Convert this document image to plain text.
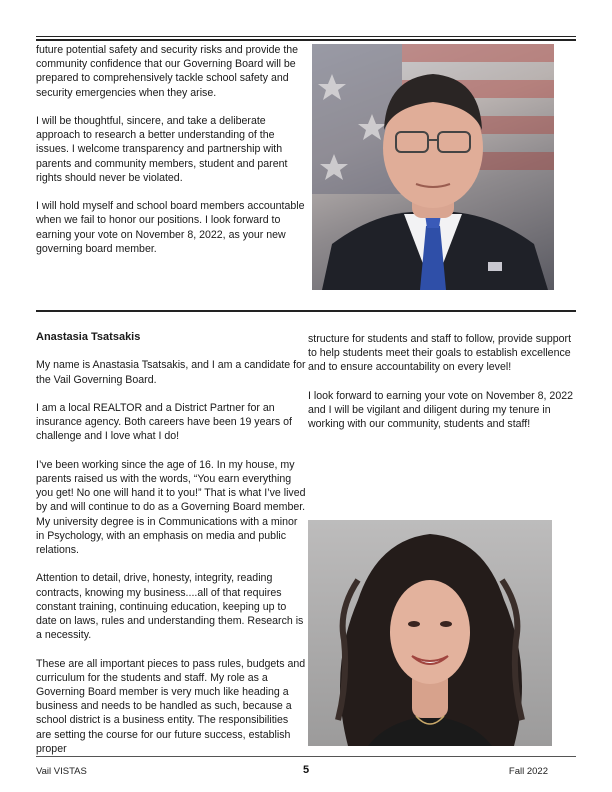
future potential safety and security risks and provide the community confidence that our Governing Board will be prepared to comprehensively tackle school safety and security emergencies when they arise.

I will be thoughtful, sincere, and take a deliberate approach to research a better understanding of the issues. I welcome transparency and partnership with parents and community members, student and parent rights should never be violated.

I will hold myself and school board members accountable when we fail to honor our positions. I look forward to earning your vote on November 8, 2022, as your new governing board member.

Anastasia Tsatsakis

My name is Anastasia Tsatsakis, and I am a candidate for the Vail Governing Board.

I am a local REALTOR and a District Partner for an insurance agency. Both careers have been 19 years of challenge and I love what I do!

I’ve been working since the age of 16. In my house, my parents raised us with the words, “You earn everything you get! No one will hand it to you!” That is what I’ve lived by and will continue to do as a Governing Board member. My university degree is in Communications with a minor in Psychology, with an emphasis on media and public relations.

Attention to detail, drive, honesty, integrity, reading contracts, knowing my business....all of that requires constant training, continuing education, keeping up to date on laws, rules and understanding them. Research is a necessity.

These are all important pieces to pass rules, budgets and curriculum for the students and staff. My role as a Governing Board member is very much like heading a business and needs to be handled as such, because a school district is a business entity. The responsibilities are setting the course for our future success, establish proper

structure for students and staff to follow, provide support to help students meet their goals to establish excellence and to ensure accountability on every level!

I look forward to earning your vote on November 8, 2022 and I will be vigilant and diligent during my tenure in working with our community, students and staff!

Vail VISTAS	5	Fall 2022
